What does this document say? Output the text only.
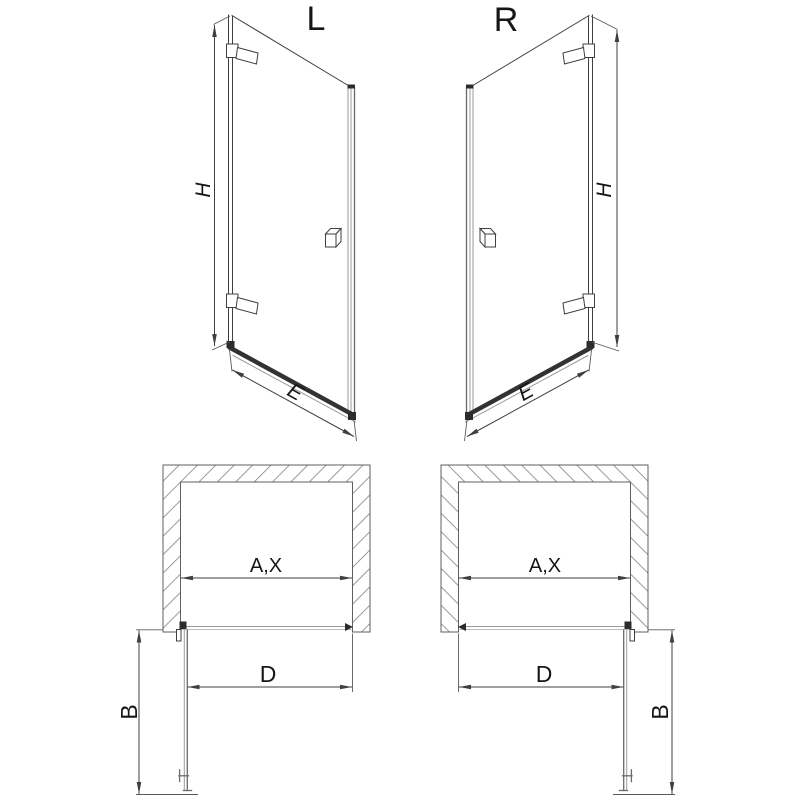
L
H
E
R
H
E
A,X
D
B
A,X
D
B
